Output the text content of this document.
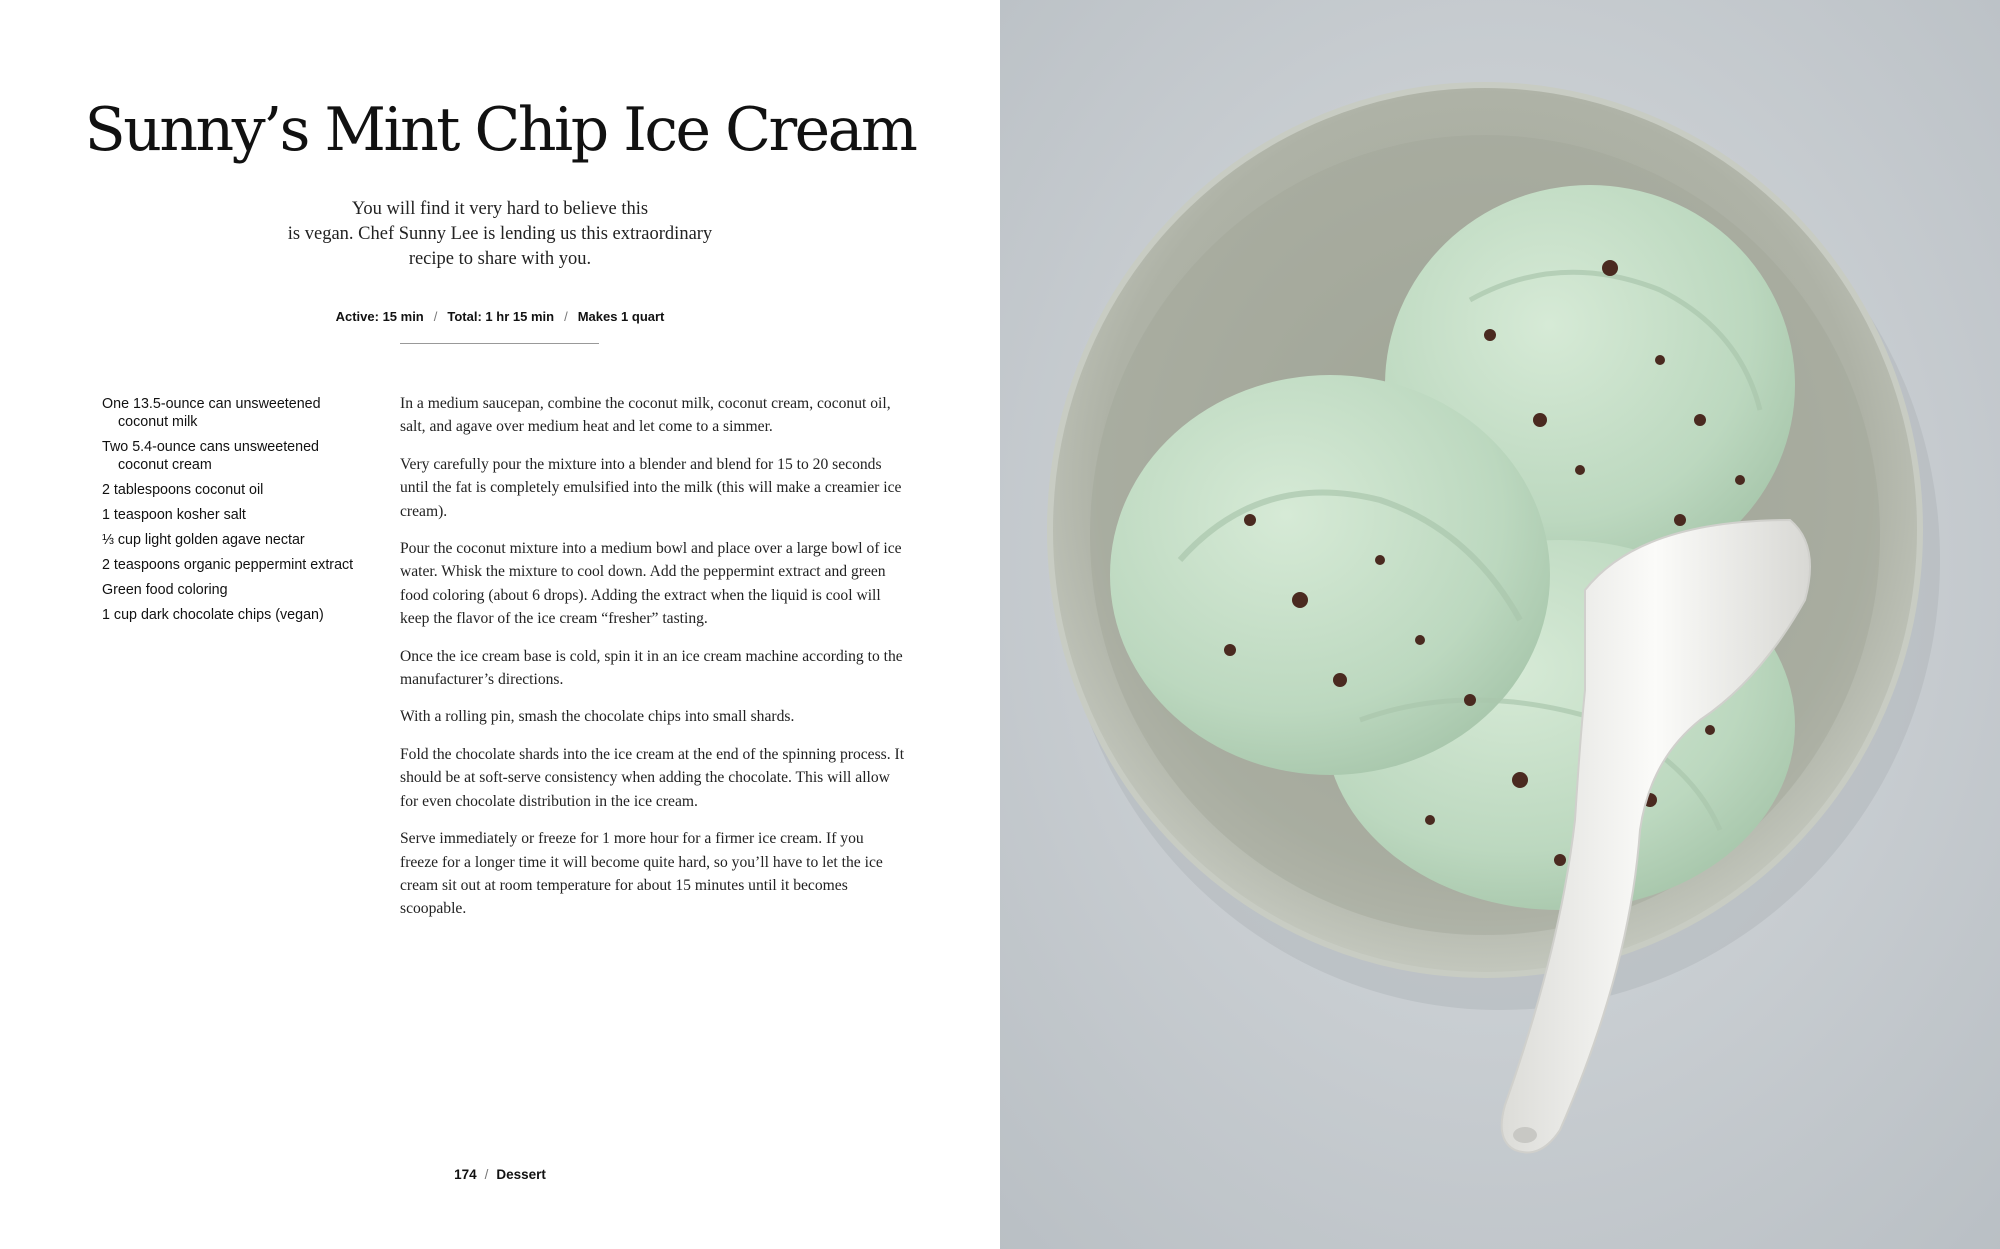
Sunny’s Mint Chip Ice Cream
You will find it very hard to believe this
is vegan. Chef Sunny Lee is lending us this extraordinary
recipe to share with you.
Active: 15 min / Total: 1 hr 15 min / Makes 1 quart
One 13.5-ounce can unsweetened coconut milk
Two 5.4-ounce cans unsweetened coconut cream
2 tablespoons coconut oil
1 teaspoon kosher salt
⅓ cup light golden agave nectar
2 teaspoons organic peppermint extract
Green food coloring
1 cup dark chocolate chips (vegan)

In a medium saucepan, combine the coconut milk, coconut cream, coconut oil, salt, and agave over medium heat and let come to a simmer.

Very carefully pour the mixture into a blender and blend for 15 to 20 seconds until the fat is completely emulsified into the milk (this will make a creamier ice cream).

Pour the coconut mixture into a medium bowl and place over a large bowl of ice water. Whisk the mixture to cool down. Add the peppermint extract and green food coloring (about 6 drops). Adding the extract when the liquid is cool will keep the flavor of the ice cream “fresher” tasting.

Once the ice cream base is cold, spin it in an ice cream machine according to the manufacturer’s directions.

With a rolling pin, smash the chocolate chips into small shards.

Fold the chocolate shards into the ice cream at the end of the spinning process. It should be at soft-serve consistency when adding the chocolate. This will allow for even chocolate distribution in the ice cream.

Serve immediately or freeze for 1 more hour for a firmer ice cream. If you freeze for a longer time it will become quite hard, so you’ll have to let the ice cream sit out at room temperature for about 15 minutes until it becomes scoopable.

174 / Dessert
